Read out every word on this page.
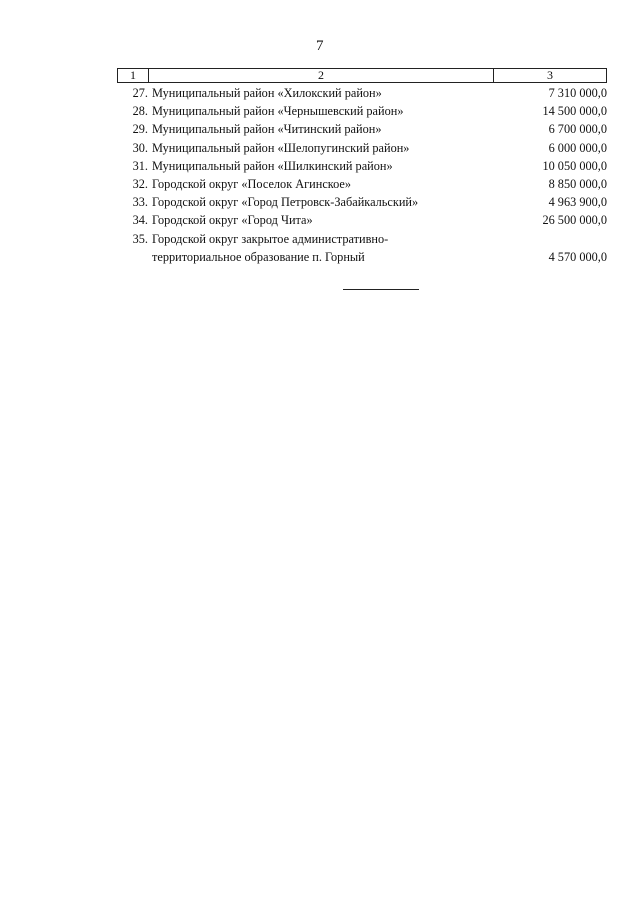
7
1	2	3
27. Муниципальный район «Хилокский район»	7 310 000,0
28. Муниципальный район «Чернышевский район»	14 500 000,0
29. Муниципальный район «Читинский район»	6 700 000,0
30. Муниципальный район «Шелопугинский район»	6 000 000,0
31. Муниципальный район «Шилкинский район»	10 050 000,0
32. Городской округ «Поселок Агинское»	8 850 000,0
33. Городской округ «Город Петровск-Забайкальский»	4 963 900,0
34. Городской округ «Город Чита»	26 500 000,0
35. Городской округ закрытое административно-
территориальное образование п. Горный	4 570 000,0
